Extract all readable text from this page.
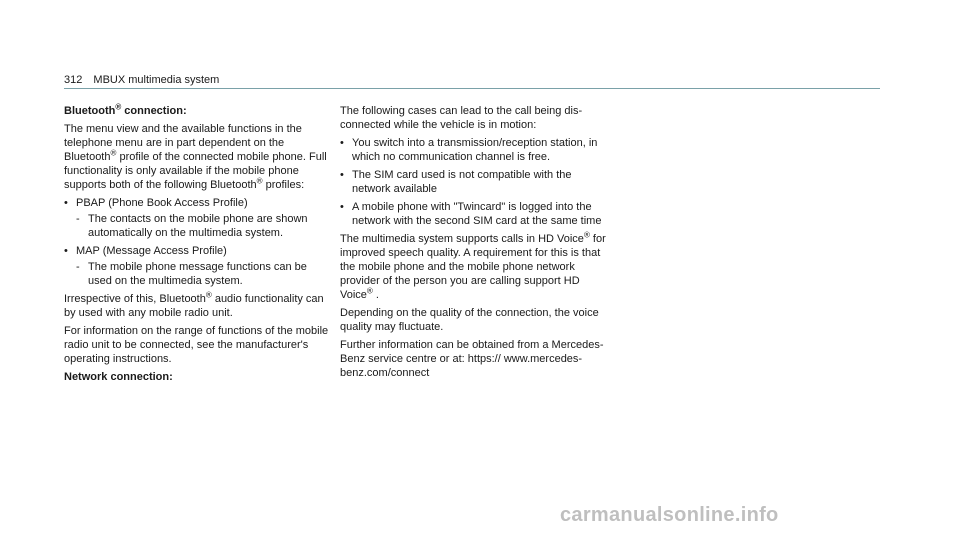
312 MBUX multimedia system
Bluetooth® connection:

The menu view and the available functions in the telephone menu are in part dependent on the Bluetooth® profile of the connected mobile phone. Full functionality is only available if the mobile phone supports both of the following Bluetooth® profiles:

• PBAP (Phone Book Access Profile)
- The contacts on the mobile phone are shown automatically on the multimedia system.
• MAP (Message Access Profile)
- The mobile phone message functions can be used on the multimedia system.

Irrespective of this, Bluetooth® audio functionality can by used with any mobile radio unit.

For information on the range of functions of the mobile radio unit to be connected, see the manufacturer's operating instructions.

Network connection:

The following cases can lead to the call being disconnected while the vehicle is in motion:

• You switch into a transmission/reception station, in which no communication channel is free.
• The SIM card used is not compatible with the network available
• A mobile phone with "Twincard" is logged into the network with the second SIM card at the same time

The multimedia system supports calls in HD Voice® for improved speech quality. A requirement for this is that the mobile phone and the mobile phone network provider of the person you are calling support HD Voice® .

Depending on the quality of the connection, the voice quality may fluctuate.

Further information can be obtained from a Mercedes-Benz service centre or at: https:// www.mercedes-benz.com/connect

carmanualsonline.info
